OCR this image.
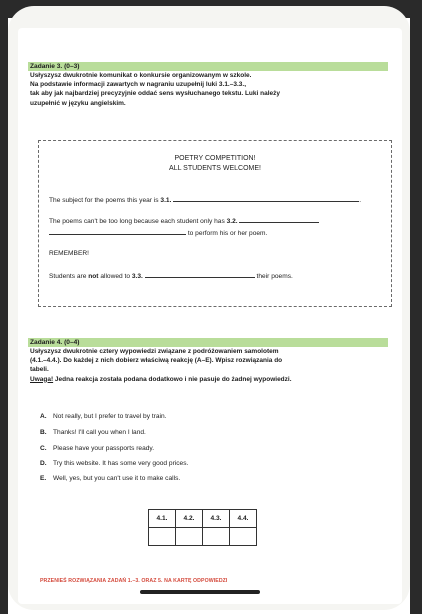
Zadanie 3. (0–3)
Usłyszysz dwukrotnie komunikat o konkursie organizowanym w szkole.
Na podstawie informacji zawartych w nagraniu uzupełnij luki 3.1.–3.3.,
tak aby jak najbardziej precyzyjnie oddać sens wysłuchanego tekstu. Luki należy
uzupełnić w języku angielskim.
POETRY COMPETITION!
ALL STUDENTS WELCOME!
The subject for the poems this year is 3.1.	.
The poems can't be too long because each student only has 3.2.
to perform his or her poem.
REMEMBER!
Students are not allowed to 3.3.	their poems.
Zadanie 4. (0–4)
Usłyszysz dwukrotnie cztery wypowiedzi związane z podróżowaniem samolotem
(4.1.–4.4.). Do każdej z nich dobierz właściwą reakcję (A–E). Wpisz rozwiązania do
tabeli.
Uwaga! Jedna reakcja została podana dodatkowo i nie pasuje do żadnej wypowiedzi.
A. Not really, but I prefer to travel by train.
B. Thanks! I'll call you when I land.
C. Please have your passports ready.
D. Try this website. It has some very good prices.
E. Well, yes, but you can't use it to make calls.
4.1.	4.2.	4.3.	4.4.

PRZENIEŚ ROZWIĄZANIA ZADAŃ 1.–3. ORAZ 5. NA KARTĘ ODPOWIEDZI
